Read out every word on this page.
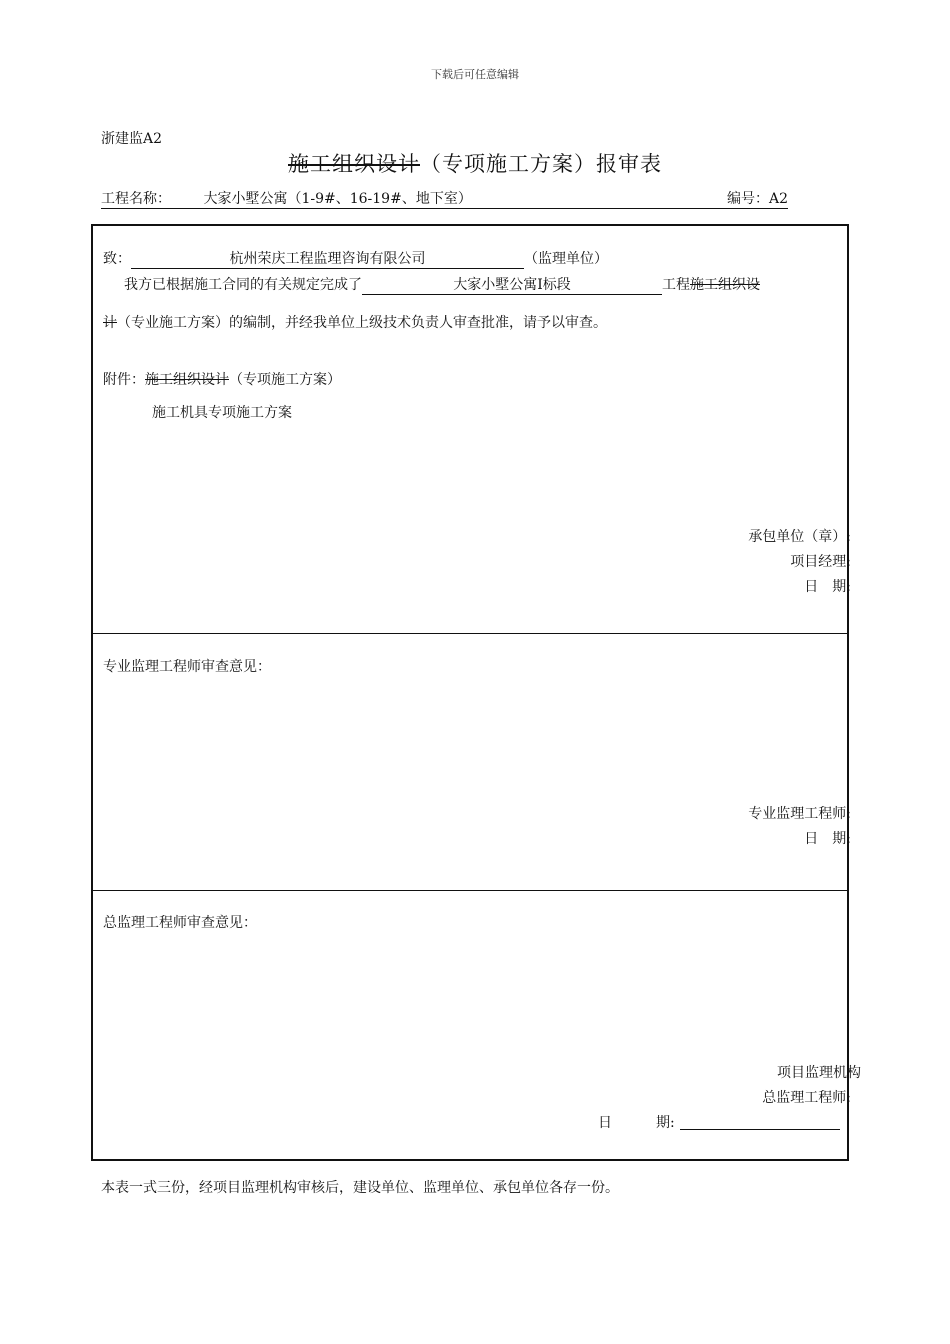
下载后可任意编辑
浙建监A2
施工组织设计（专项施工方案）报审表
工程名称： 大家小墅公寓（1-9#、16-19#、地下室）	编号：A2
致：	杭州荣庆工程监理咨询有限公司	（监理单位）
我方已根据施工合同的有关规定完成了	大家小墅公寓Ⅰ标段	工程施工组织设
计（专业施工方案）的编制，并经我单位上级技术负责人审查批准，请予以审查。
附件：施工组织设计（专项施工方案）
施工机具专项施工方案
承包单位（章）:
项目经理:
日　期:
专业监理工程师审查意见：
专业监理工程师:
日　期:
总监理工程师审查意见：
项目监理机构
总监理工程师:
日	期:
本表一式三份，经项目监理机构审核后，建设单位、监理单位、承包单位各存一份。
